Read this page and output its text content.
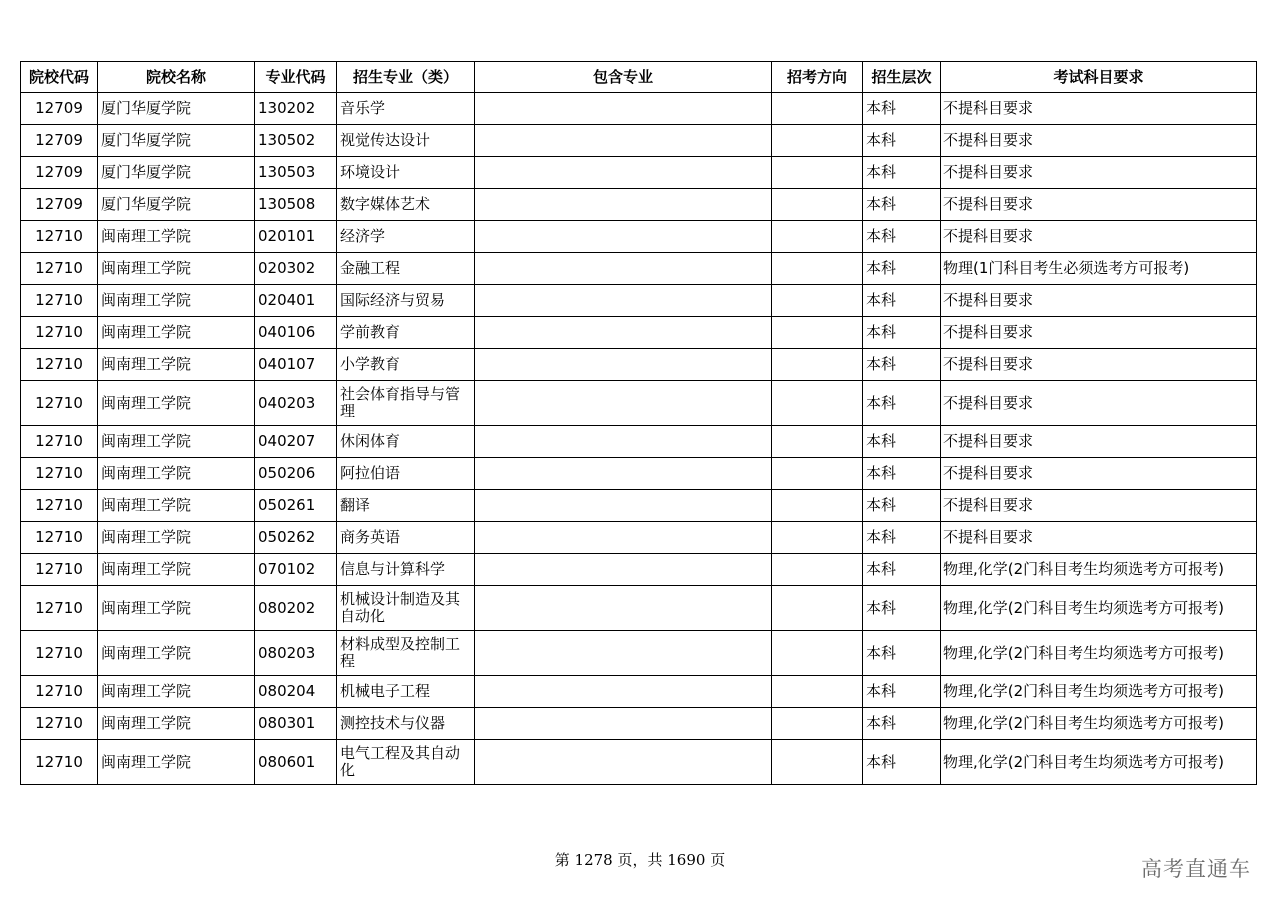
院校代码	院校名称	专业代码	招生专业（类）	包含专业	招考方向	招生层次	考试科目要求
12709	厦门华厦学院	130202	音乐学			本科	不提科目要求
12709	厦门华厦学院	130502	视觉传达设计			本科	不提科目要求
12709	厦门华厦学院	130503	环境设计			本科	不提科目要求
12709	厦门华厦学院	130508	数字媒体艺术			本科	不提科目要求
12710	闽南理工学院	020101	经济学			本科	不提科目要求
12710	闽南理工学院	020302	金融工程			本科	物理(1门科目考生必须选考方可报考)
12710	闽南理工学院	020401	国际经济与贸易			本科	不提科目要求
12710	闽南理工学院	040106	学前教育			本科	不提科目要求
12710	闽南理工学院	040107	小学教育			本科	不提科目要求
12710	闽南理工学院	040203	社会体育指导与管理			本科	不提科目要求
12710	闽南理工学院	040207	休闲体育			本科	不提科目要求
12710	闽南理工学院	050206	阿拉伯语			本科	不提科目要求
12710	闽南理工学院	050261	翻译			本科	不提科目要求
12710	闽南理工学院	050262	商务英语			本科	不提科目要求
12710	闽南理工学院	070102	信息与计算科学			本科	物理,化学(2门科目考生均须选考方可报考)
12710	闽南理工学院	080202	机械设计制造及其自动化			本科	物理,化学(2门科目考生均须选考方可报考)
12710	闽南理工学院	080203	材料成型及控制工程			本科	物理,化学(2门科目考生均须选考方可报考)
12710	闽南理工学院	080204	机械电子工程			本科	物理,化学(2门科目考生均须选考方可报考)
12710	闽南理工学院	080301	测控技术与仪器			本科	物理,化学(2门科目考生均须选考方可报考)
12710	闽南理工学院	080601	电气工程及其自动化			本科	物理,化学(2门科目考生均须选考方可报考)
第 1278 页，共 1690 页	高考直通车
